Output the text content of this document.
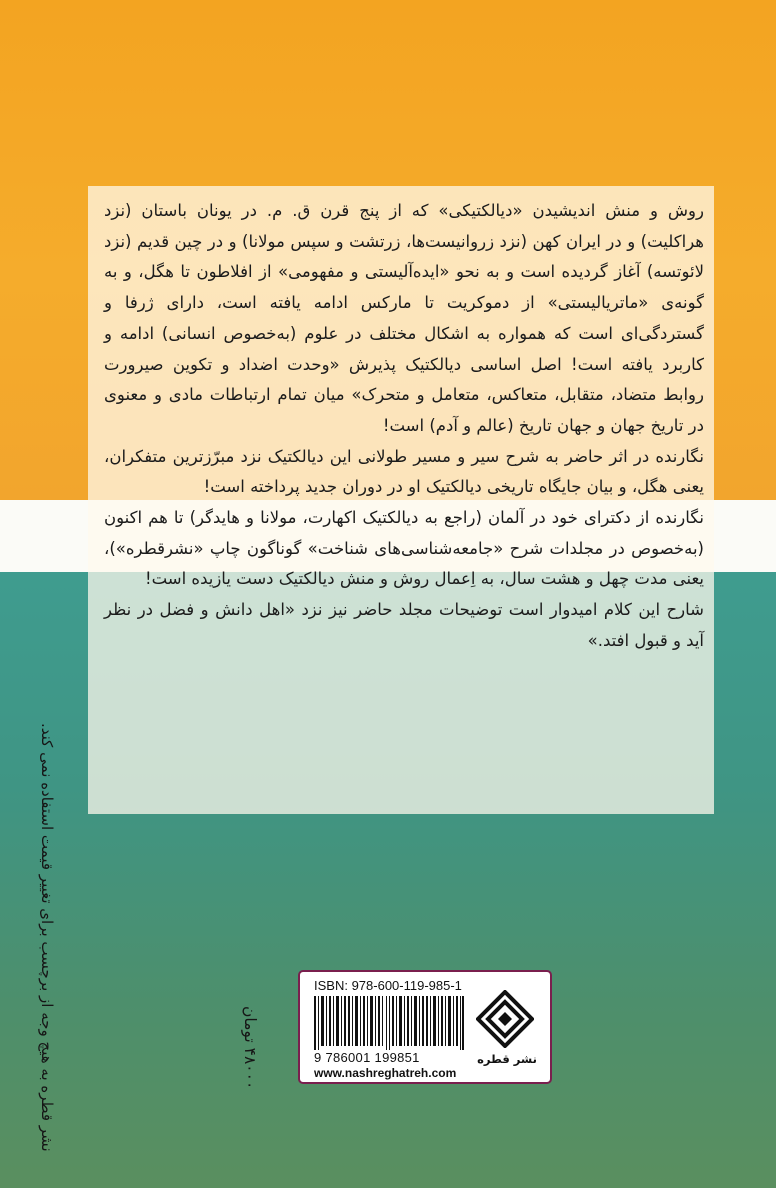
روش و منش اندیشیدن «دیالکتیکی» که از پنج قرن ق. م. در یونان باستان (نزد هراکلیت) و در ایران کهن (نزد زروانیست‌ها، زرتشت و سپس مولانا) و در چین قدیم (نزد لائوتسه) آغاز گردیده است و به نحو «ایده‌آلیستی و مفهومی» از افلاطون تا هگل، و به گونه‌ی «ماتریالیستی» از دموکریت تا مارکس ادامه یافته است، دارای ژرفا و گستردگی‌ای است که همواره به اشکال مختلف در علوم (به‌خصوص انسانی) ادامه و کاربرد یافته است! اصل اساسی دیالکتیک پذیرش «وحدت اضداد و تکوین صیرورت روابط متضاد، متقابل، متعاکس، متعامل و متحرک» میان تمام ارتباطات مادی و معنوی در تاریخ جهان و جهان تاریخ (عالم و آدم) است!

نگارنده در اثر حاضر به شرح سیر و مسیر طولانی این دیالکتیک نزد مبرّزترین متفکران، یعنی هگل، و بیان جایگاه تاریخی دیالکتیک او در دوران جدید پرداخته است!

نگارنده از دکترای خود در آلمان (راجع به دیالکتیک اکهارت، مولانا و هایدگر) تا هم اکنون (به‌خصوص در مجلدات شرح «جامعه‌شناسی‌های شناخت» گوناگون چاپ «نشرقطره»)، یعنی مدت چهل و هشت سال، به اِعمال روش و منش دیالکتیک دست یازیده است!

شارح این کلام امیدوار است توضیحات مجلد حاضر نیز نزد «اهل دانش و فضل در نظر آید و قبول افتد.»

نشر قطره به هیچ وجه از برچسب برای تغییر قیمت استفاده نمی کند.	۴۸۰۰۰ تومان
ISBN: 978-600-119-985-1
9 786001 199851
www.nashreghatreh.com
نشر قطره
